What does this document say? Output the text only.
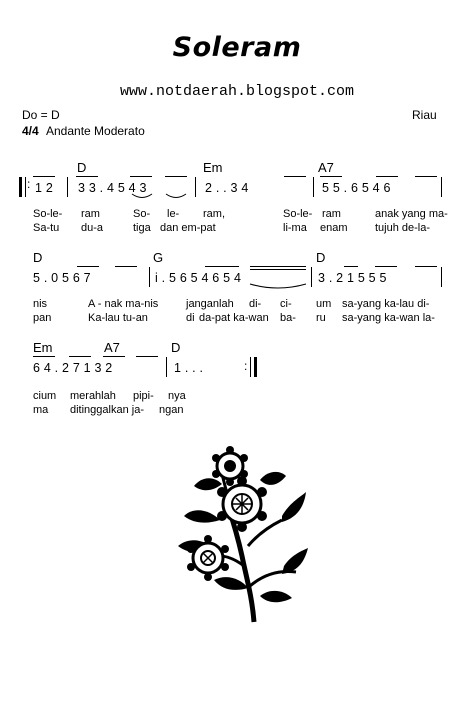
Soleram
www.notdaerah.blogspot.com
Do = D	Riau
4/4 Andante Moderato
D	Em	A7
: 1 2 3 3 . 4 5 4 3	2 . . 3 4	5 5 . 6 5 4 6
So-le- ram	So- le- ram,	So-le- ram	anak yang ma-
Sa-tu du-a	tiga dan em-pat	li-ma enam tujuh de-la-
D	G	D
5 . 0 5 6 7	i . 5 6 5 4 6 5 4	3 . 2 1 5 5 5
nis	A - nak ma-nis	janganlah di- ci- um sa-yang ka-lau di-
pan	Ka-lau tu-an	di da-pat ka-wan ba- ru sa-yang ka-wan la-
Em	A7	D
6 4 . 2 7 1 3 2	1 . . .	:
cium merahlah pipi- nya
ma ditinggalkan ja- ngan
